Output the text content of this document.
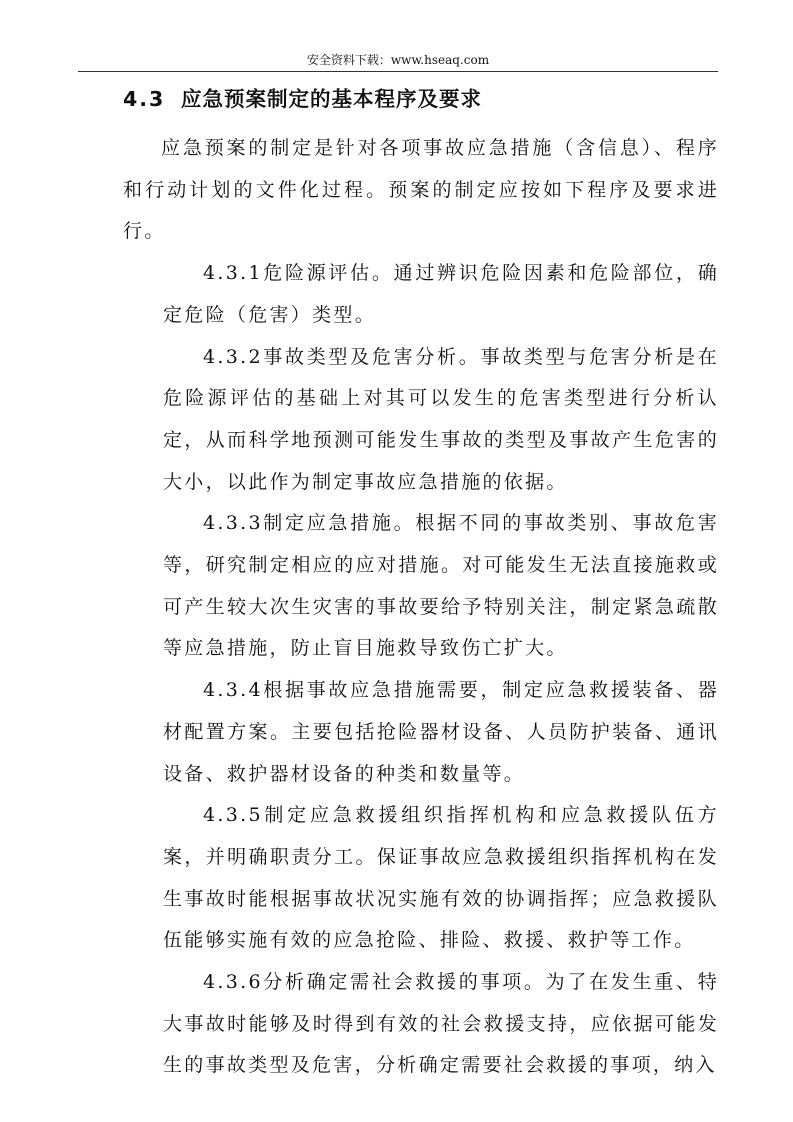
安全资料下载：www.hseaq.com
4.3 应急预案制定的基本程序及要求

应急预案的制定是针对各项事故应急措施（含信息）、程序和行动计划的文件化过程。预案的制定应按如下程序及要求进行。

4.3.1危险源评估。通过辨识危险因素和危险部位，确定危险（危害）类型。

4.3.2事故类型及危害分析。事故类型与危害分析是在危险源评估的基础上对其可以发生的危害类型进行分析认定，从而科学地预测可能发生事故的类型及事故产生危害的大小，以此作为制定事故应急措施的依据。

4.3.3制定应急措施。根据不同的事故类别、事故危害等，研究制定相应的应对措施。对可能发生无法直接施救或可产生较大次生灾害的事故要给予特别关注，制定紧急疏散等应急措施，防止盲目施救导致伤亡扩大。

4.3.4根据事故应急措施需要，制定应急救援装备、器材配置方案。主要包括抢险器材设备、人员防护装备、通讯设备、救护器材设备的种类和数量等。

4.3.5制定应急救援组织指挥机构和应急救援队伍方案，并明确职责分工。保证事故应急救援组织指挥机构在发生事故时能根据事故状况实施有效的协调指挥；应急救援队伍能够实施有效的应急抢险、排险、救援、救护等工作。

4.3.6分析确定需社会救援的事项。为了在发生重、特大事故时能够及时得到有效的社会救援支持，应依据可能发生的事故类型及危害，分析确定需要社会救援的事项，纳入
